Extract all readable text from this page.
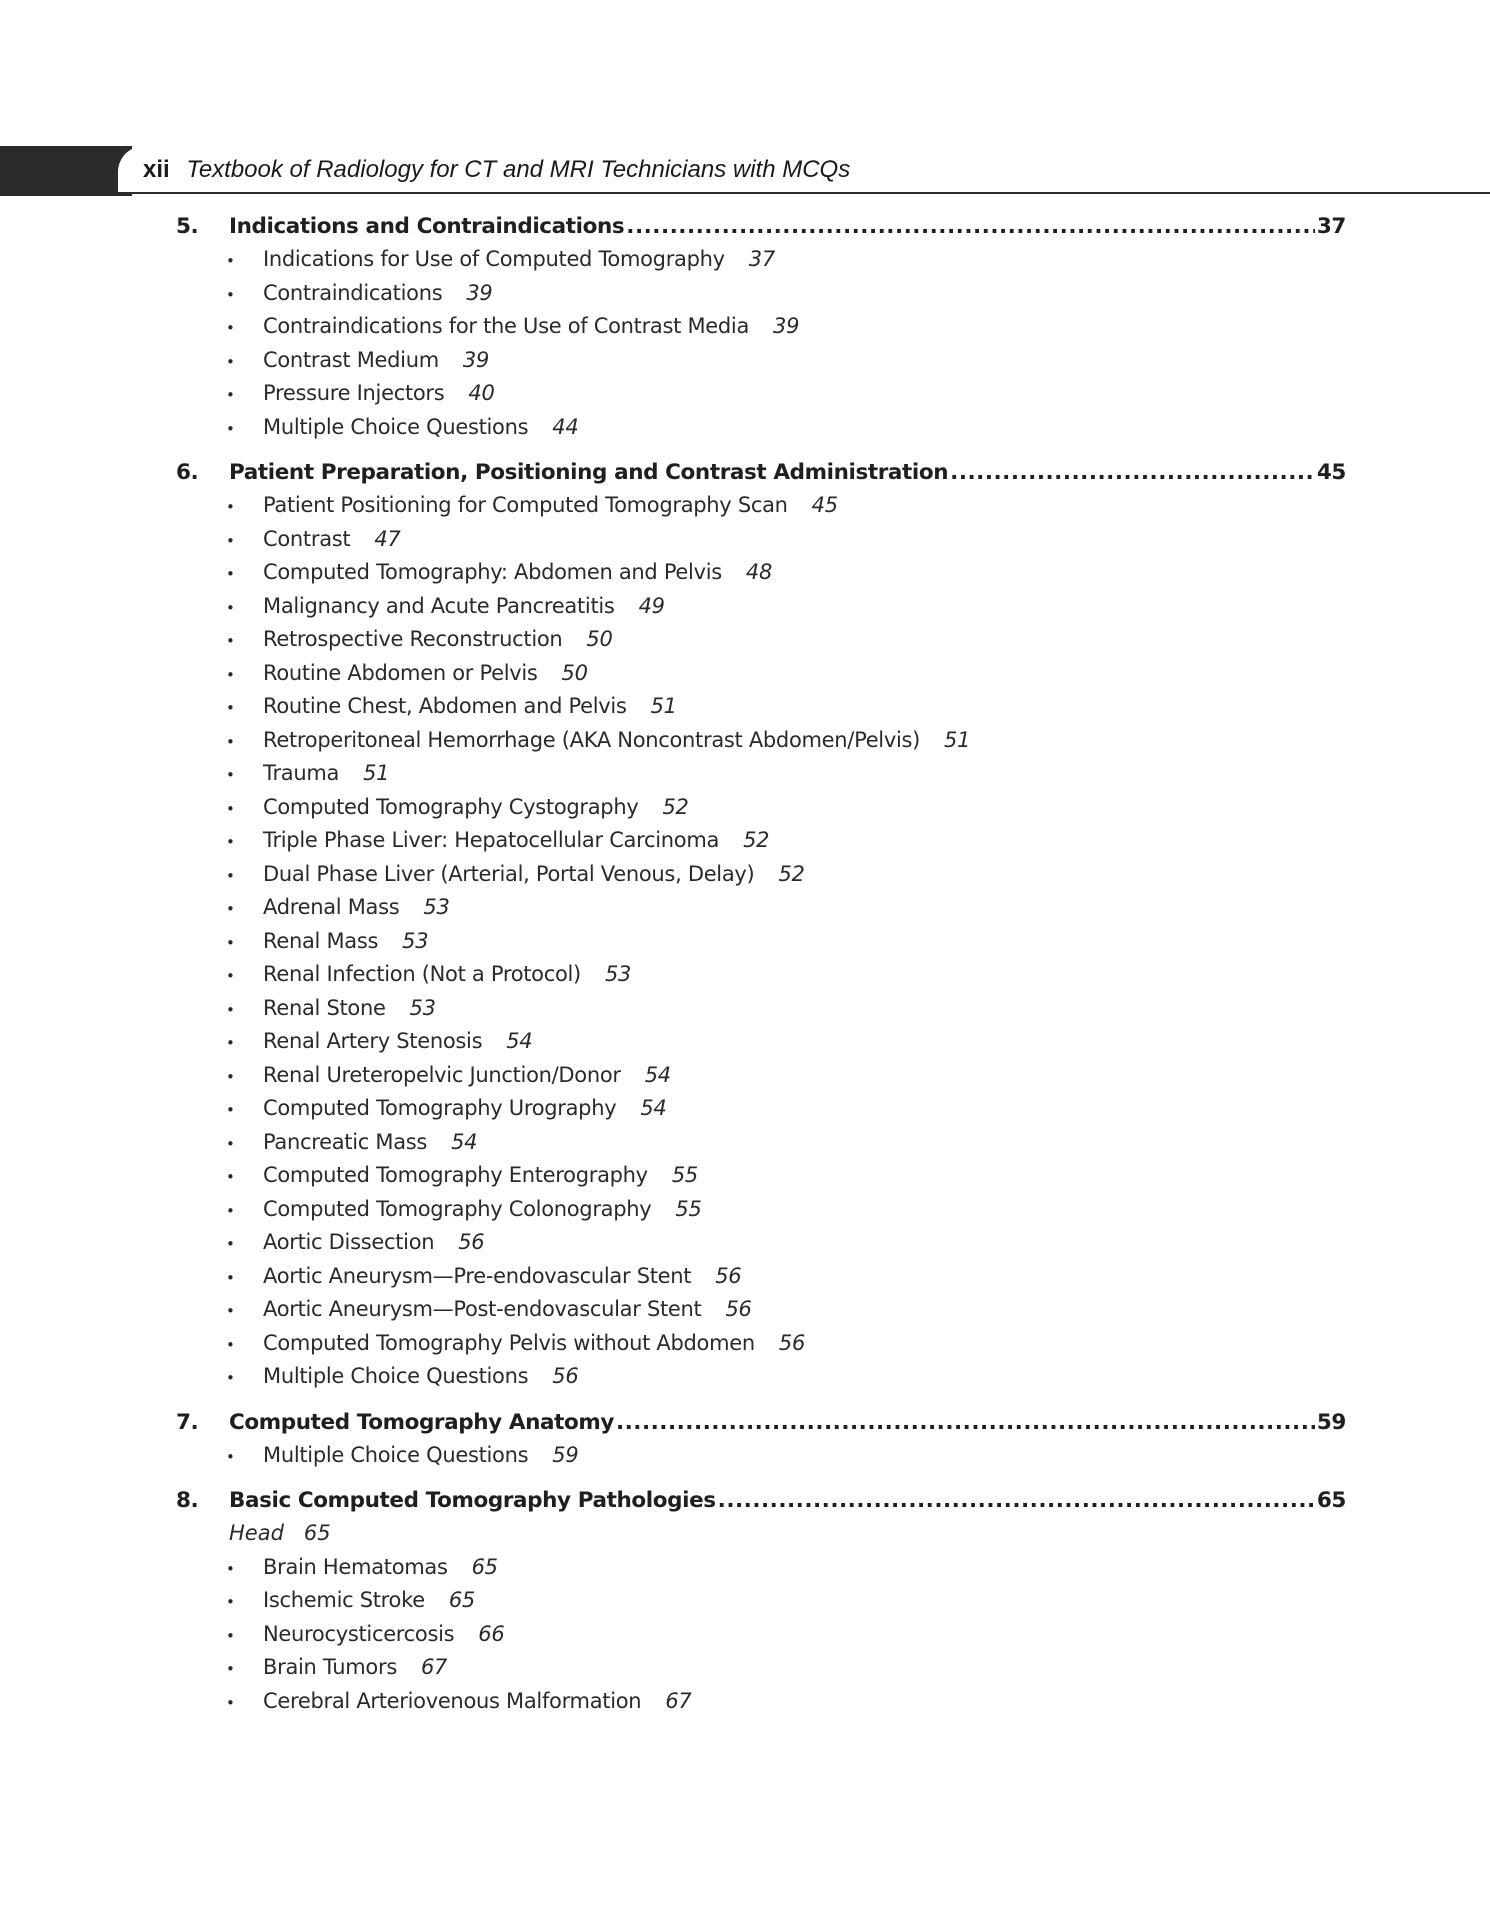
xii Textbook of Radiology for CT and MRI Technicians with MCQs
5.	Indications and Contraindications .....	37
•	Indications for Use of Computed Tomography 37
•	Contraindications 39
•	Contraindications for the Use of Contrast Media 39
•	Contrast Medium 39
•	Pressure Injectors 40
•	Multiple Choice Questions 44
6.	Patient Preparation, Positioning and Contrast Administration .....	45
•	Patient Positioning for Computed Tomography Scan 45
•	Contrast 47
•	Computed Tomography: Abdomen and Pelvis 48
•	Malignancy and Acute Pancreatitis 49
•	Retrospective Reconstruction 50
•	Routine Abdomen or Pelvis 50
•	Routine Chest, Abdomen and Pelvis 51
•	Retroperitoneal Hemorrhage (AKA Noncontrast Abdomen/Pelvis) 51
•	Trauma 51
•	Computed Tomography Cystography 52
•	Triple Phase Liver: Hepatocellular Carcinoma 52
•	Dual Phase Liver (Arterial, Portal Venous, Delay) 52
•	Adrenal Mass 53
•	Renal Mass 53
•	Renal Infection (Not a Protocol) 53
•	Renal Stone 53
•	Renal Artery Stenosis 54
•	Renal Ureteropelvic Junction/Donor 54
•	Computed Tomography Urography 54
•	Pancreatic Mass 54
•	Computed Tomography Enterography 55
•	Computed Tomography Colonography 55
•	Aortic Dissection 56
•	Aortic Aneurysm—Pre-endovascular Stent 56
•	Aortic Aneurysm—Post-endovascular Stent 56
•	Computed Tomography Pelvis without Abdomen 56
•	Multiple Choice Questions 56
7.	Computed Tomography Anatomy .....	59
•	Multiple Choice Questions 59
8.	Basic Computed Tomography Pathologies .....	65
Head 65
•	Brain Hematomas 65
•	Ischemic Stroke 65
•	Neurocysticercosis 66
•	Brain Tumors 67
•	Cerebral Arteriovenous Malformation 67
